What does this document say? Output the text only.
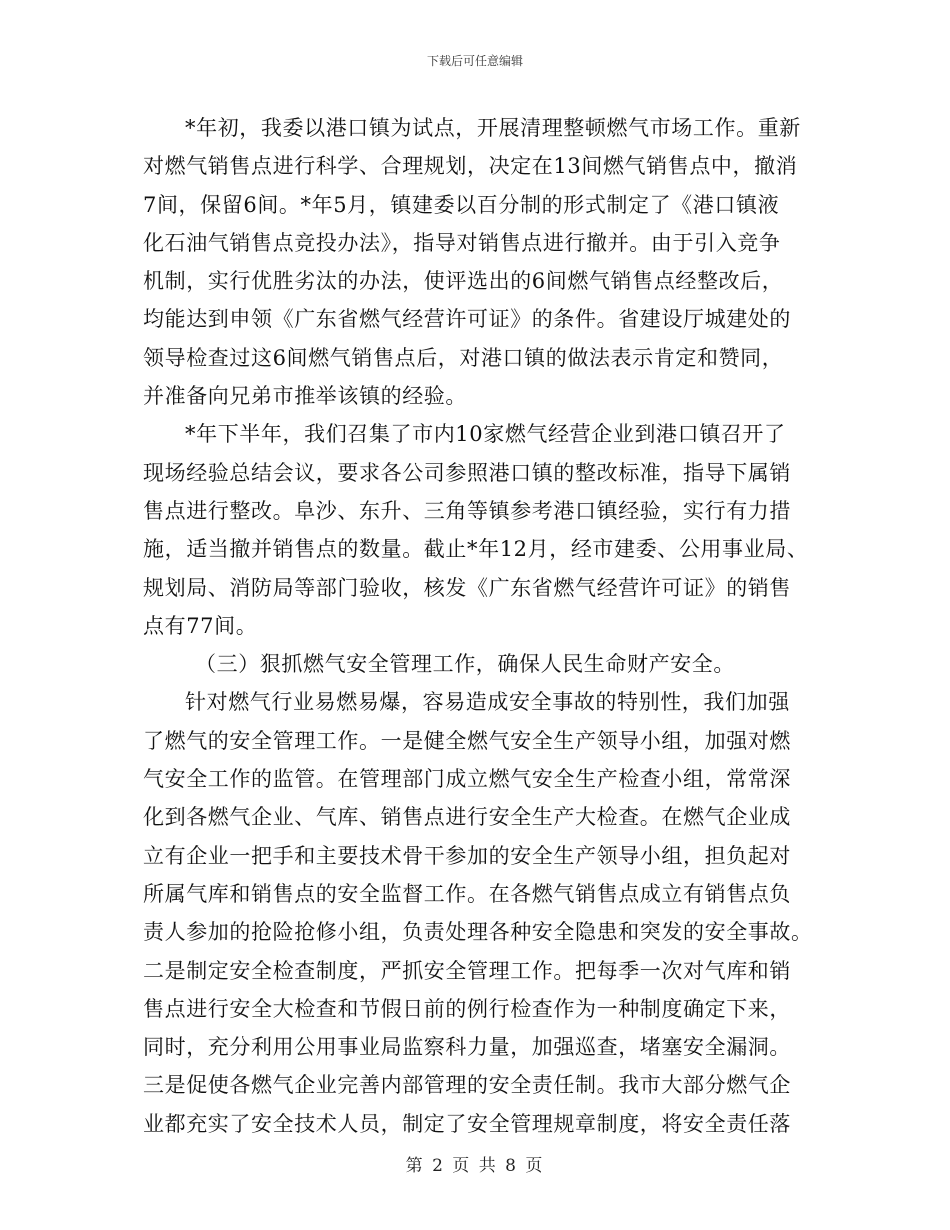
下载后可任意编辑
*年初，我委以港口镇为试点，开展清理整顿燃气市场工作。重新
对燃气销售点进行科学、合理规划，决定在13间燃气销售点中，撤消
7间，保留6间。*年5月，镇建委以百分制的形式制定了《港口镇液
化石油气销售点竞投办法》，指导对销售点进行撤并。由于引入竞争
机制，实行优胜劣汰的办法，使评选出的6间燃气销售点经整改后，
均能达到申领《广东省燃气经营许可证》的条件。省建设厅城建处的
领导检查过这6间燃气销售点后，对港口镇的做法表示肯定和赞同，
并准备向兄弟市推举该镇的经验。
*年下半年，我们召集了市内10家燃气经营企业到港口镇召开了
现场经验总结会议，要求各公司参照港口镇的整改标准，指导下属销
售点进行整改。阜沙、东升、三角等镇参考港口镇经验，实行有力措
施，适当撤并销售点的数量。截止*年12月，经市建委、公用事业局、
规划局、消防局等部门验收，核发《广东省燃气经营许可证》的销售
点有77间。
（三）狠抓燃气安全管理工作，确保人民生命财产安全。
针对燃气行业易燃易爆，容易造成安全事故的特别性，我们加强
了燃气的安全管理工作。一是健全燃气安全生产领导小组，加强对燃
气安全工作的监管。在管理部门成立燃气安全生产检查小组，常常深
化到各燃气企业、气库、销售点进行安全生产大检查。在燃气企业成
立有企业一把手和主要技术骨干参加的安全生产领导小组，担负起对
所属气库和销售点的安全监督工作。在各燃气销售点成立有销售点负
责人参加的抢险抢修小组，负责处理各种安全隐患和突发的安全事故。
二是制定安全检查制度，严抓安全管理工作。把每季一次对气库和销
售点进行安全大检查和节假日前的例行检查作为一种制度确定下来，
同时，充分利用公用事业局监察科力量，加强巡查，堵塞安全漏洞。
三是促使各燃气企业完善内部管理的安全责任制。我市大部分燃气企
业都充实了安全技术人员，制定了安全管理规章制度，将安全责任落
第 2 页 共 8 页
